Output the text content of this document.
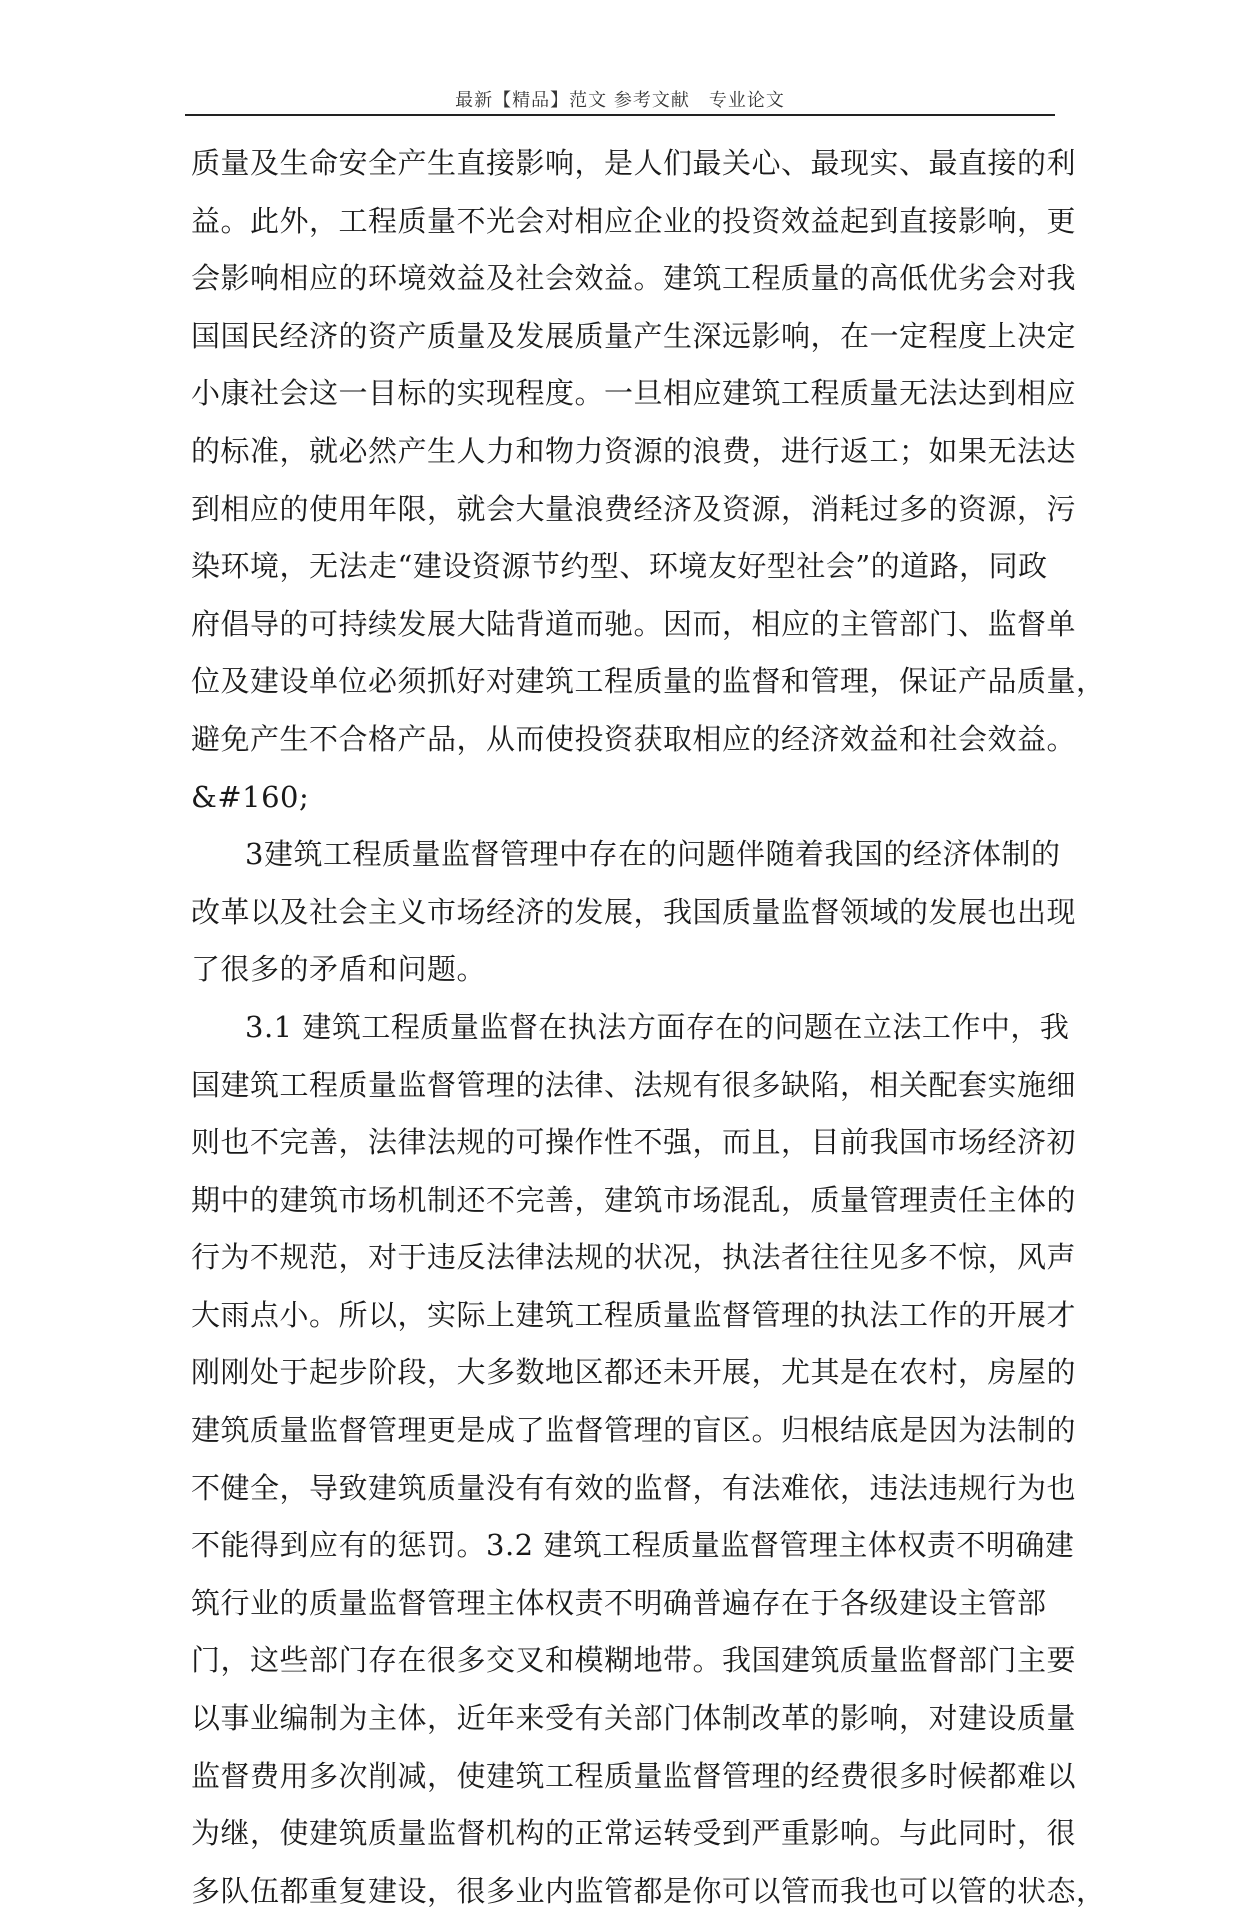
最新【精品】范文 参考文献　专业论文
质量及生命安全产生直接影响，是人们最关心、最现实、最直接的利
益。此外，工程质量不光会对相应企业的投资效益起到直接影响，更
会影响相应的环境效益及社会效益。建筑工程质量的高低优劣会对我
国国民经济的资产质量及发展质量产生深远影响，在一定程度上决定
小康社会这一目标的实现程度。一旦相应建筑工程质量无法达到相应
的标准，就必然产生人力和物力资源的浪费，进行返工；如果无法达
到相应的使用年限，就会大量浪费经济及资源，消耗过多的资源，污
染环境，无法走“建设资源节约型、环境友好型社会”的道路，同政
府倡导的可持续发展大陆背道而驰。因而，相应的主管部门、监督单
位及建设单位必须抓好对建筑工程质量的监督和管理，保证产品质量，
避免产生不合格产品，从而使投资获取相应的经济效益和社会效益。
&#160;
3建筑工程质量监督管理中存在的问题伴随着我国的经济体制的
改革以及社会主义市场经济的发展，我国质量监督领域的发展也出现
了很多的矛盾和问题。
3.1 建筑工程质量监督在执法方面存在的问题在立法工作中，我
国建筑工程质量监督管理的法律、法规有很多缺陷，相关配套实施细
则也不完善，法律法规的可操作性不强，而且，目前我国市场经济初
期中的建筑市场机制还不完善，建筑市场混乱，质量管理责任主体的
行为不规范，对于违反法律法规的状况，执法者往往见多不惊，风声
大雨点小。所以，实际上建筑工程质量监督管理的执法工作的开展才
刚刚处于起步阶段，大多数地区都还未开展，尤其是在农村，房屋的
建筑质量监督管理更是成了监督管理的盲区。归根结底是因为法制的
不健全，导致建筑质量没有有效的监督，有法难依，违法违规行为也
不能得到应有的惩罚。3.2 建筑工程质量监督管理主体权责不明确建
筑行业的质量监督管理主体权责不明确普遍存在于各级建设主管部
门，这些部门存在很多交叉和模糊地带。我国建筑质量监督部门主要
以事业编制为主体，近年来受有关部门体制改革的影响，对建设质量
监督费用多次削减，使建筑工程质量监督管理的经费很多时候都难以
为继，使建筑质量监督机构的正常运转受到严重影响。与此同时，很
多队伍都重复建设，很多业内监管都是你可以管而我也可以管的状态，
